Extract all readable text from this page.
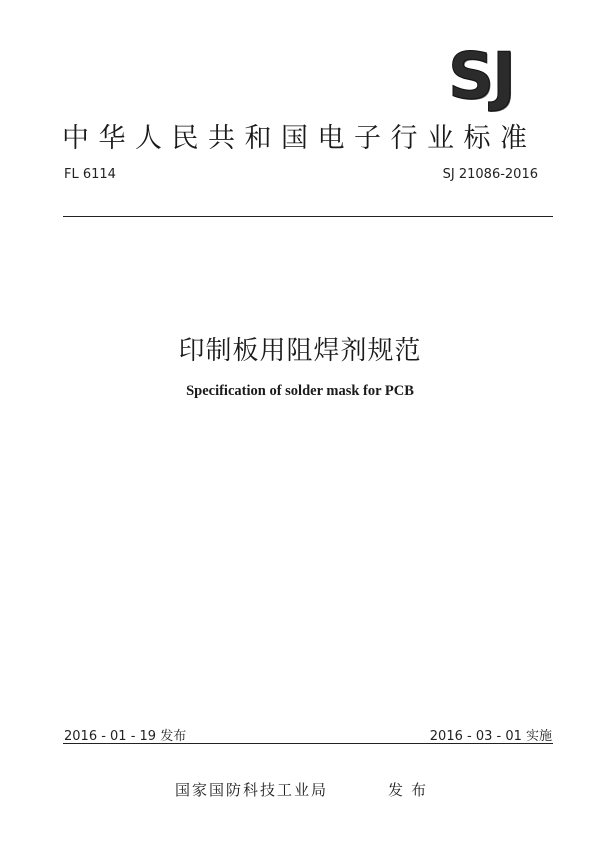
SJ
中华人民共和国电子行业标准
FL 6114	SJ 21086-2016
印制板用阻焊剂规范
Specification of solder mask for PCB
2016 - 01 - 19 发布	2016 - 03 - 01 实施
国家国防科技工业局	发布
